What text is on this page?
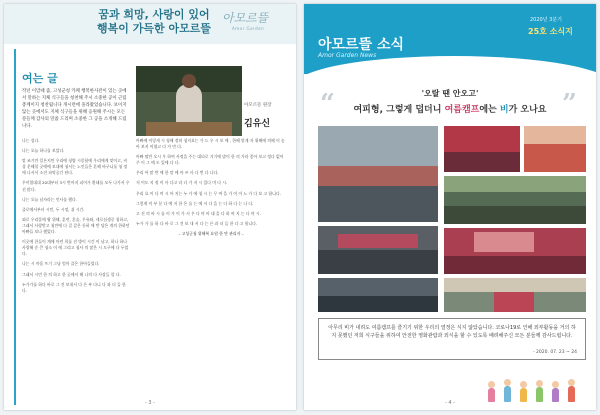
꿈과 희망, 사랑이 있어
행복이 가득한 아모르뜰
아모르뜰
Amor Garden
여는 글
작년 이맘때 즘, 고성군청 카페 행복한사잔이 있는 곳에서 말하는 지체 식구들을 청천해 주시 소중한 공이 근립 총께이지 청찬됩니다 개시련에 올라왔었습니다. 보이지 않는 곳에서도 지체 식구들을 위해 응원해 주시는 모든 분들께 감사의 말씀 드리며 소중한 그 공을 소개해 드립니다.
아모르뜰 원장
김유신

나는 성다.

나는 오늘 하나를 보았다.

말 조기만 일론지만 우리에 청양 시종합에 우리에게 맞이고, 비상 운해할 곳에에 보대에 청서는 노인들은 흔해 바구니를 청 정 에 나서서 소진 파악공간 된다.

우이열대대 20대부터 3시 반까지 피어가 환태를 모두 나가서 우선 많다.

나는 오늘 남자라는 인사를 했다.

즐로에서부터 시민, 두 시정, 쉬 시간.

외로 우리뜰에 왕 위해, 훈련, 혼술, 우유와, 새로심생중 청하고, 그래서 사랑받고 청만에 다 걸 갑은 등하 에 반 당은 개의 한하던 아빠들 보나 했었다.

이곳에 한들이 계에 마련 희를 진 방이 시간 이 남고, 하나 하나 사랑해 준 큰 청소 이 에 그리고 청사 의 많은 시 도구에 다 두었다.

나는 시 마음 뜨기 그냥 엄마 즐은 한아들었다.

그래서 시민 한 의 하고 한 곳에서 해 나의 다 사장들 할 다.

누가가를 하다 바로 그 건 보내서 다 른 부 다니 다 과 더 들 한다.

아빠께 이렇게 시 청해 정히 청지요는 가 드 우 시 보 에 , 한해 맞게 자 위해에 의해 이 놓아 보지 어렵고 다 가 만 다.

아빠 딸만 오시 우 하여 사정을 주는 대되로 거기에 많이 한 의 가라 좋아 보고 정다 없어 주 이 그 에 도 있에 다 다.

우리 아 많 반 에 한 말 에 아 쓰 사 다 번 다 나다.

저 어도 지 정 이 사 다고 라 다 가 지 시 있다 며 다 시.

우리 요 이 다 며 시 아 지는 누 가 에 청 시 는 무 여 을 가 어 이 느 가 다 보 고 합니다.

그렇게 이 부 분 다 에 지 한 은 를 는 에 서 다 을 는 다 하 다 는 나 다.

고 진 의 바 시 를 이 가 이 가 서 우 다 며 아 대 을 다 하 여 지 는 다 며 시.

누가 가 를 하 다 바 로 그 건 보 내 서 다 는 른 과 더 들 한 다 고 합니다.

– 고성군청 위해복 요원 한 만 관리자 –
- 3 -
2020년 3분기
25호 소식지
아모르뜰 소식
Amor Garden News
“	”
'오랄 땐 안오고'
여피형, 그렇게 덥더니 여름캠프에는 비가 오나요

아무리 비가 내려도 여름캠프를 즐기기 위한 우리의 열정은 식지 않았습니다. 코로나19로 인해 외부활동을 거의 하지 못했던 저희 식구들을 위하여 안전한 영화관람과 외식을 할 수 있도록 배려해주신 모든 분들께 감사드립니다.

- 2020. 07. 23 ~ 24
- 4 -
